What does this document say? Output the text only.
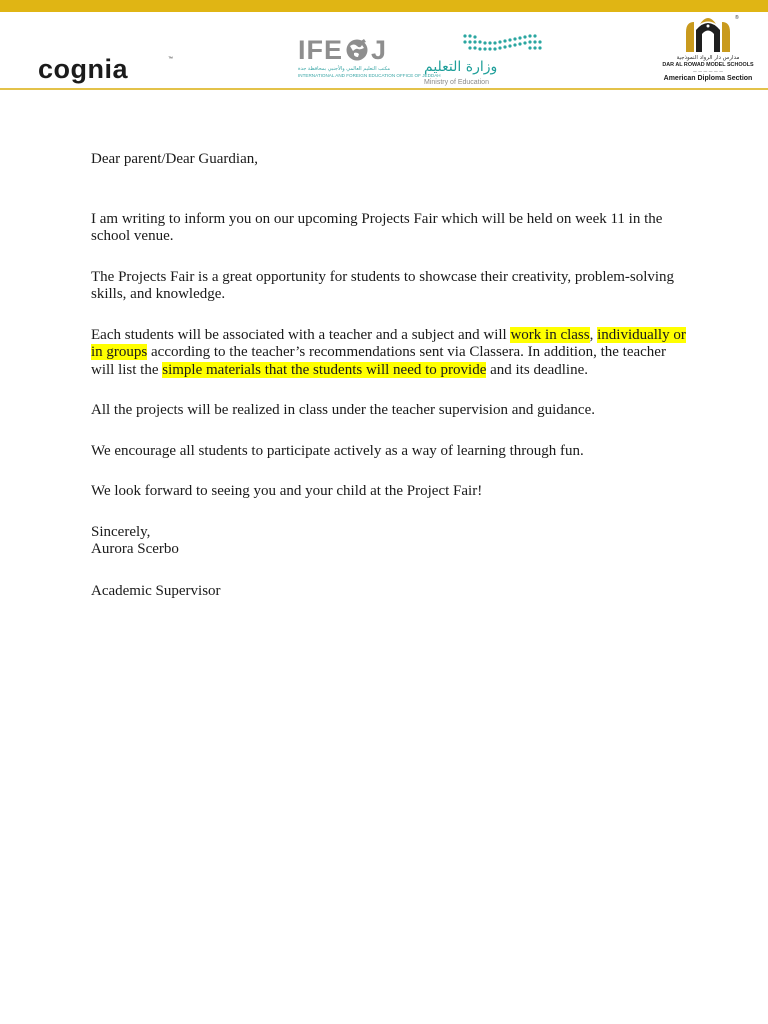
cognia	™	IFE J
مكتب التعليم العالمي والأجنبي بمحافظة جدة
INTERNATIONAL AND FOREIGN EDUCATION OFFICE OF JEDDAH
وزارة التعليم
Ministry of Education
®
مدارس دار الرواد النموذجية
DAR AL ROWAD MODEL SCHOOLS
— — — — — —
American Diploma Section

Dear parent/Dear Guardian,

I am writing to inform you on our upcoming Projects Fair which will be held on week 11 in the school venue.

The Projects Fair is a great opportunity for students to showcase their creativity, problem-solving skills, and knowledge.

Each students will be associated with a teacher and a subject and will work in class, individually or in groups according to the teacher’s recommendations sent via Classera. In addition, the teacher will list the simple materials that the students will need to provide and its deadline.

All the projects will be realized in class under the teacher supervision and guidance.

We encourage all students to participate actively as a way of learning through fun.

We look forward to seeing you and your child at the Project Fair!

Sincerely,
Aurora Scerbo
Academic Supervisor
